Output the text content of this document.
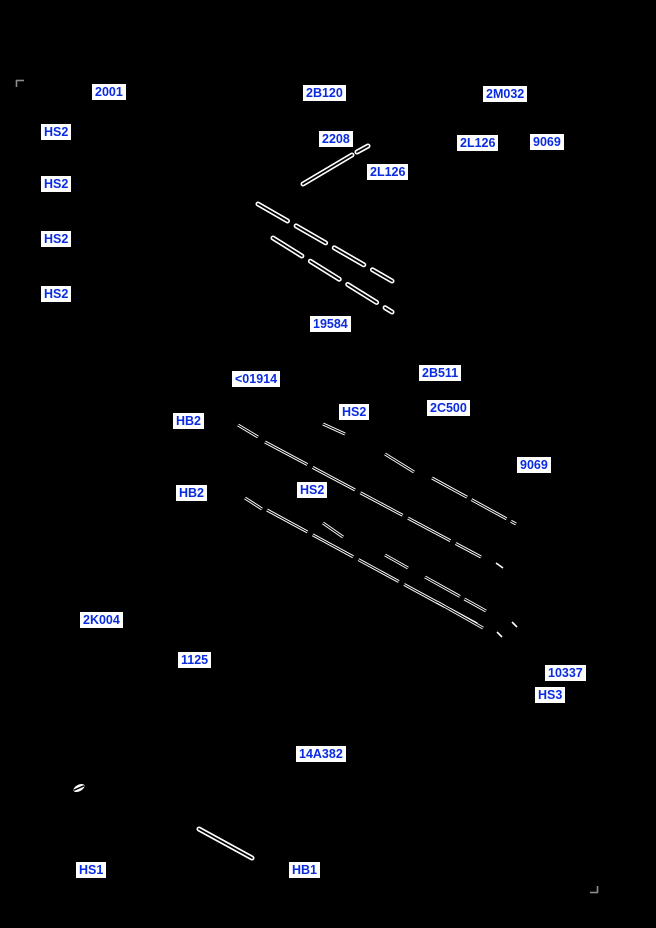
2001	2B120	2M032
HS2	2208	2L126	9069
2L126
HS2
HS2
HS2
19584
<01914	2B511
HB2
HS2	2C500
9069
HB2	HS2
2K004
1125
10337
HS3
14A382
HS1	HB1
